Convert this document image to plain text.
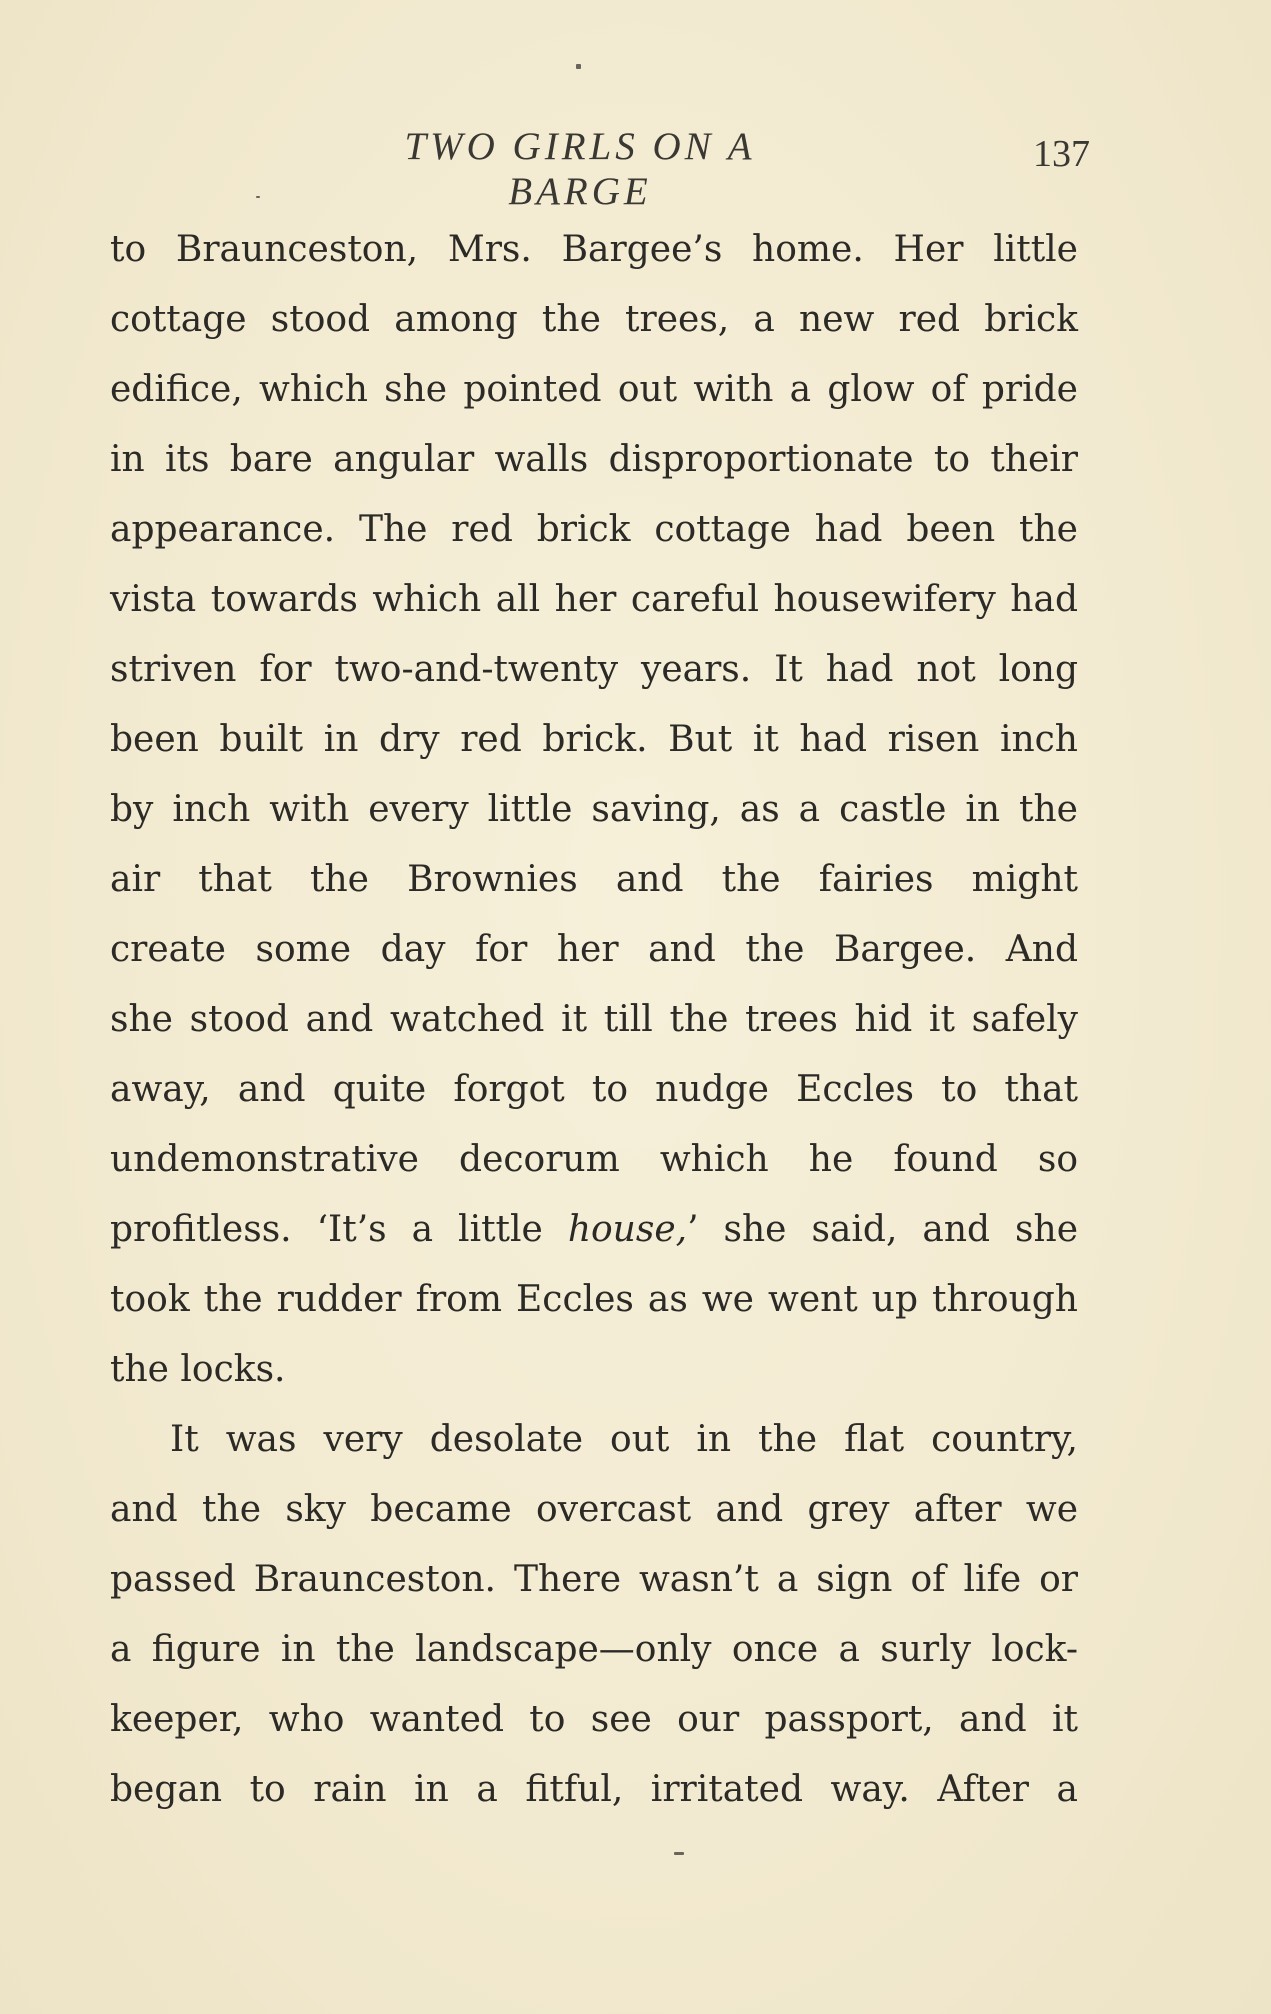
TWO GIRLS ON A BARGE
137
to Braunceston, Mrs. Bargee’s home. Her little
cottage stood among the trees, a new red brick
edifice, which she pointed out with a glow of pride
in its bare angular walls disproportionate to their
appearance. The red brick cottage had been the
vista towards which all her careful housewifery had
striven for two-and-twenty years. It had not long
been built in dry red brick. But it had risen inch
by inch with every little saving, as a castle in the
air that the Brownies and the fairies might
create some day for her and the Bargee. And
she stood and watched it till the trees hid it safely
away, and quite forgot to nudge Eccles to that
undemonstrative decorum which he found so
profitless. ‘It’s a little house,’ she said, and she
took the rudder from Eccles as we went up through
the locks.
It was very desolate out in the flat country,
and the sky became overcast and grey after we
passed Braunceston. There wasn’t a sign of life or
a figure in the landscape—only once a surly lock-
keeper, who wanted to see our passport, and it
began to rain in a fitful, irritated way. After a
